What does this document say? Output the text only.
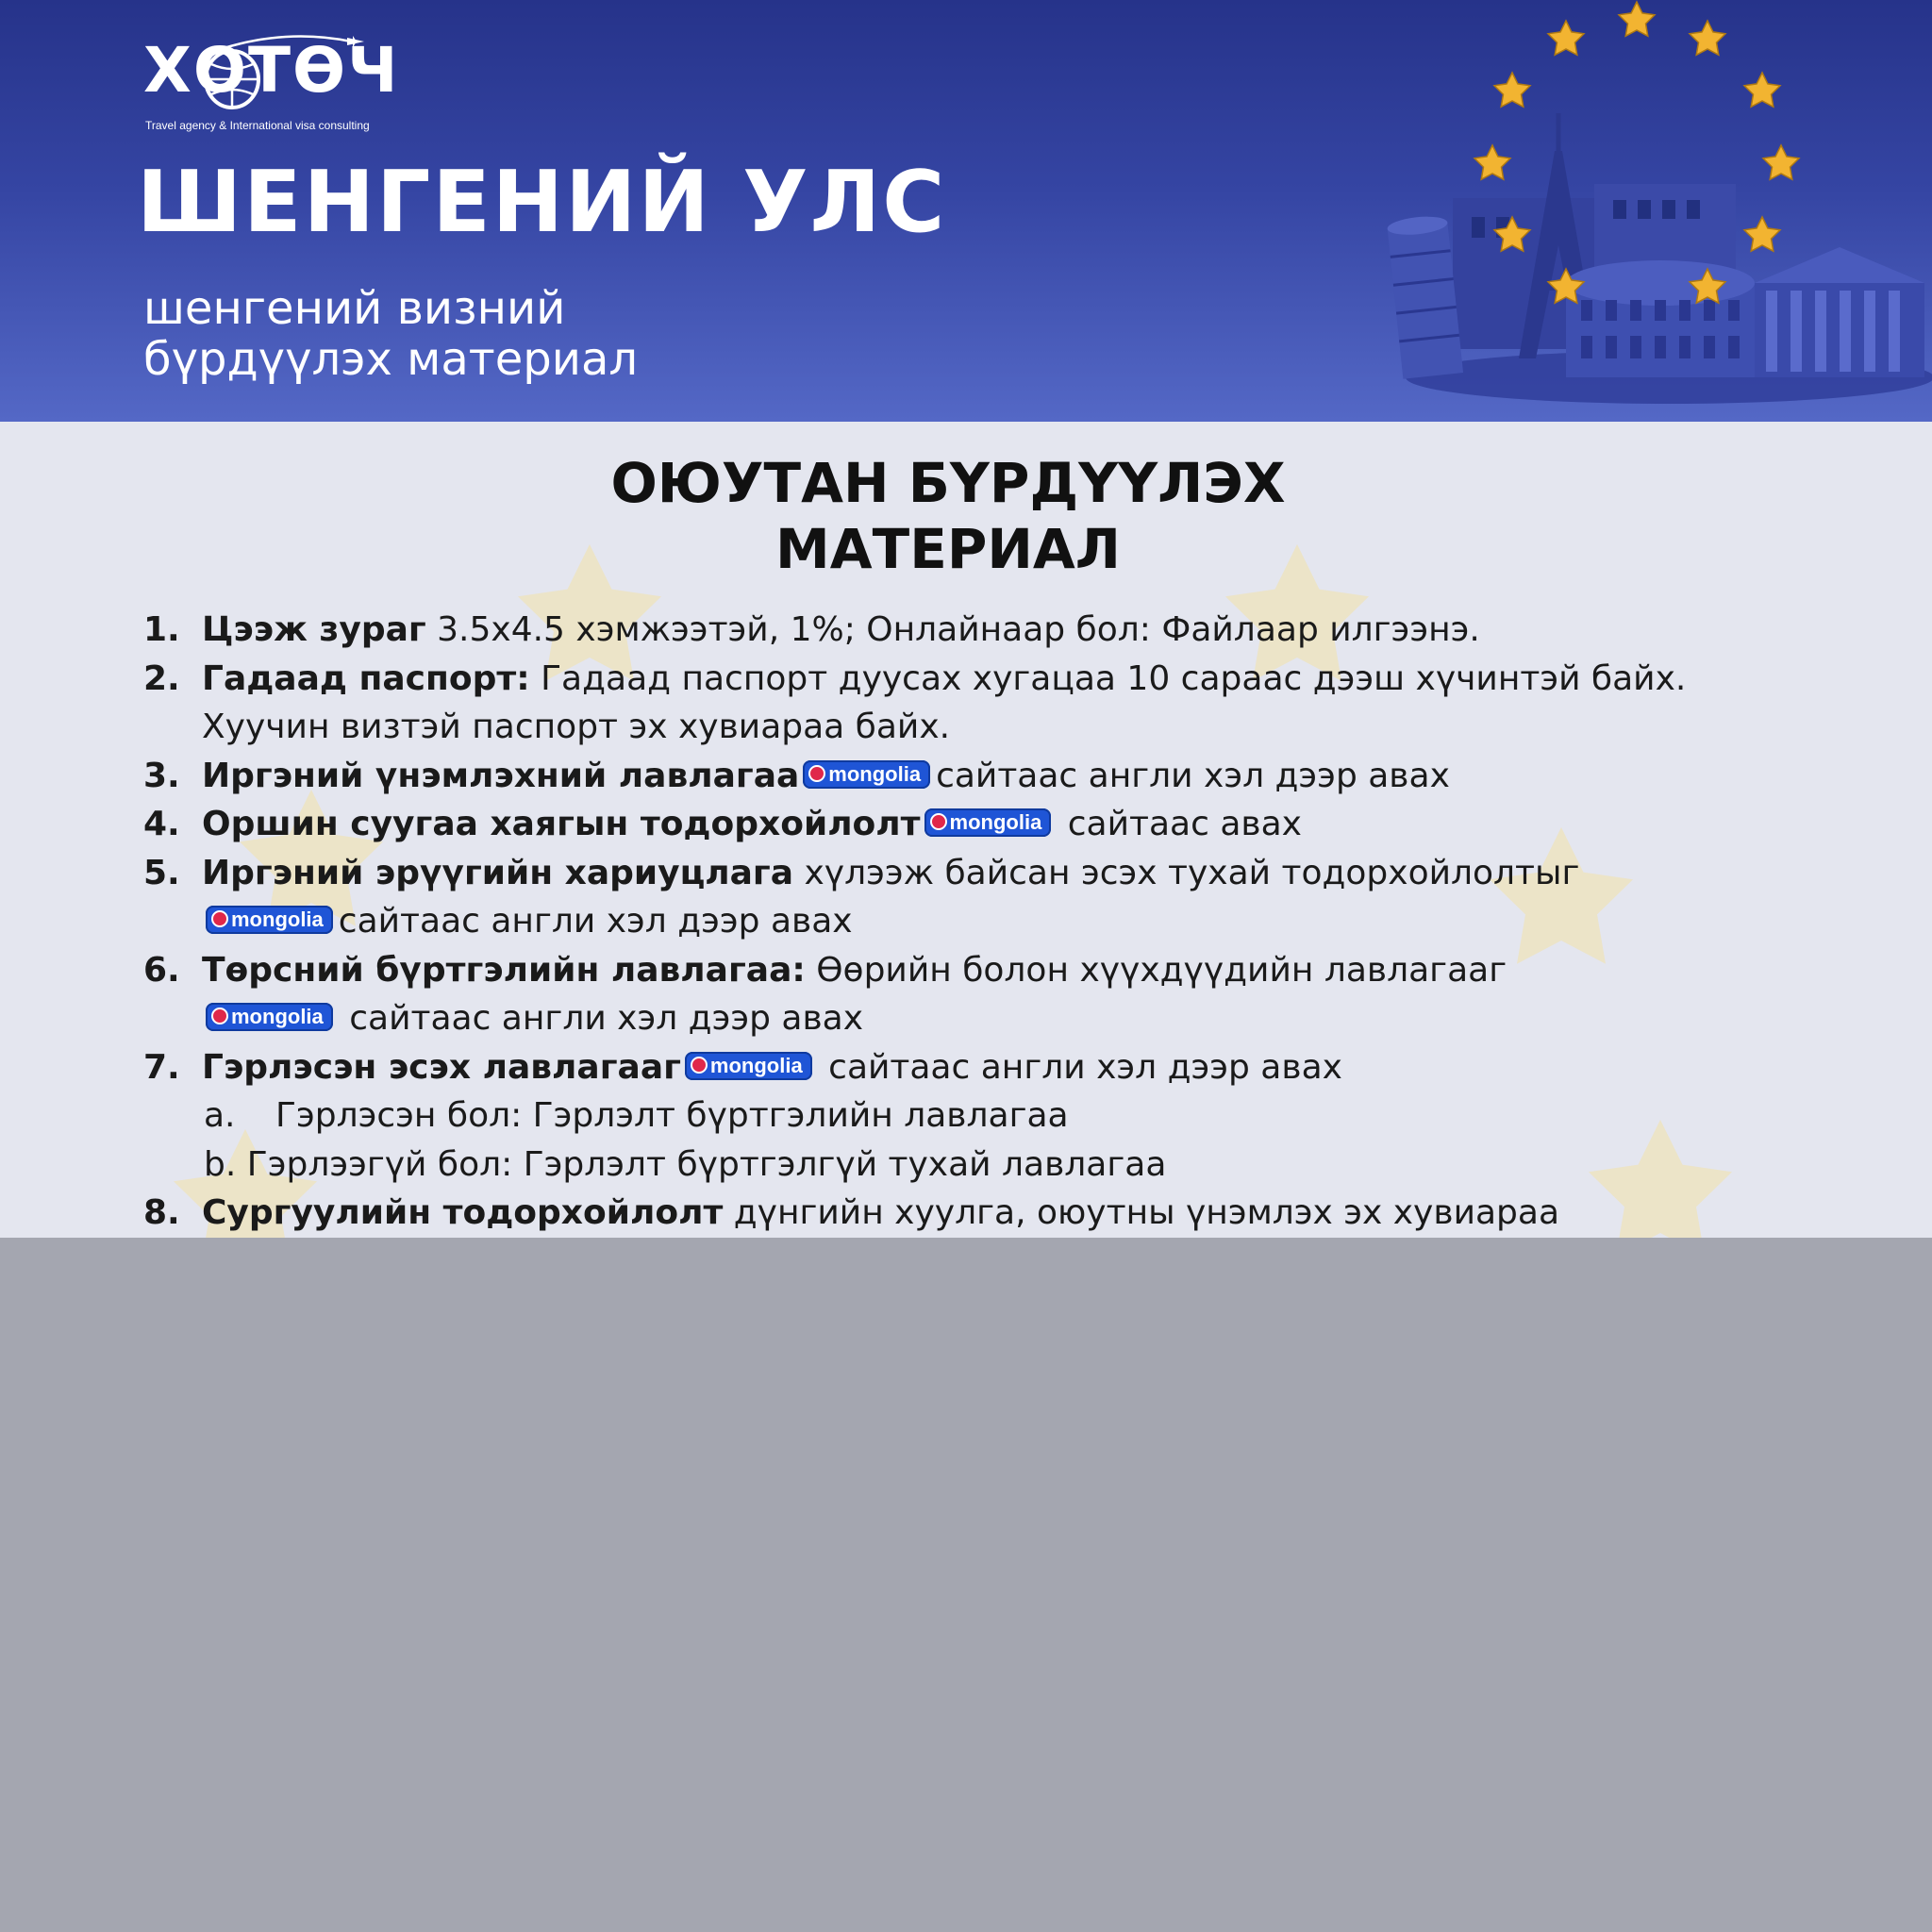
ХОТӨЧ
Travel agency & International visa consulting
ШЕНГЕНИЙ УЛС
шенгений визний
бүрдүүлэх материал
ОЮУТАН БҮРДҮҮЛЭХ
МАТЕРИАЛ
1. Цээж зураг 3.5x4.5 хэмжээтэй, 1%; Онлайнаар бол: Файлаар илгээнэ.
2. Гадаад паспорт: Гадаад паспорт дуусах хугацаа 10 сараас дээш хүчинтэй байх.
Хуучин визтэй паспорт эх хувиараа байх.
3. Иргэний үнэмлэхний лавлагаа mongolia сайтаас англи хэл дээр авах
4. Оршин суугаа хаягын тодорхойлолт mongolia сайтаас авах
5. Иргэний эрүүгийн хариуцлага хүлээж байсан эсэх тухай тодорхойлолтыг
mongolia сайтаас англи хэл дээр авах
6. Төрсний бүртгэлийн лавлагаа: Өөрийн болон хүүхдүүдийн лавлагааг
mongolia сайтаас англи хэл дээр авах
7. Гэрлэсэн эсэх лавлагааг mongolia сайтаас англи хэл дээр авах
a. Гэрлэсэн бол: Гэрлэлт бүртгэлийн лавлагаа
b. Гэрлээгүй бол: Гэрлэлт бүртгэлгүй тухай лавлагаа
8. Сургуулийн тодорхойлолт дүнгийн хуулга, оюутны үнэмлэх эх хувиараа
